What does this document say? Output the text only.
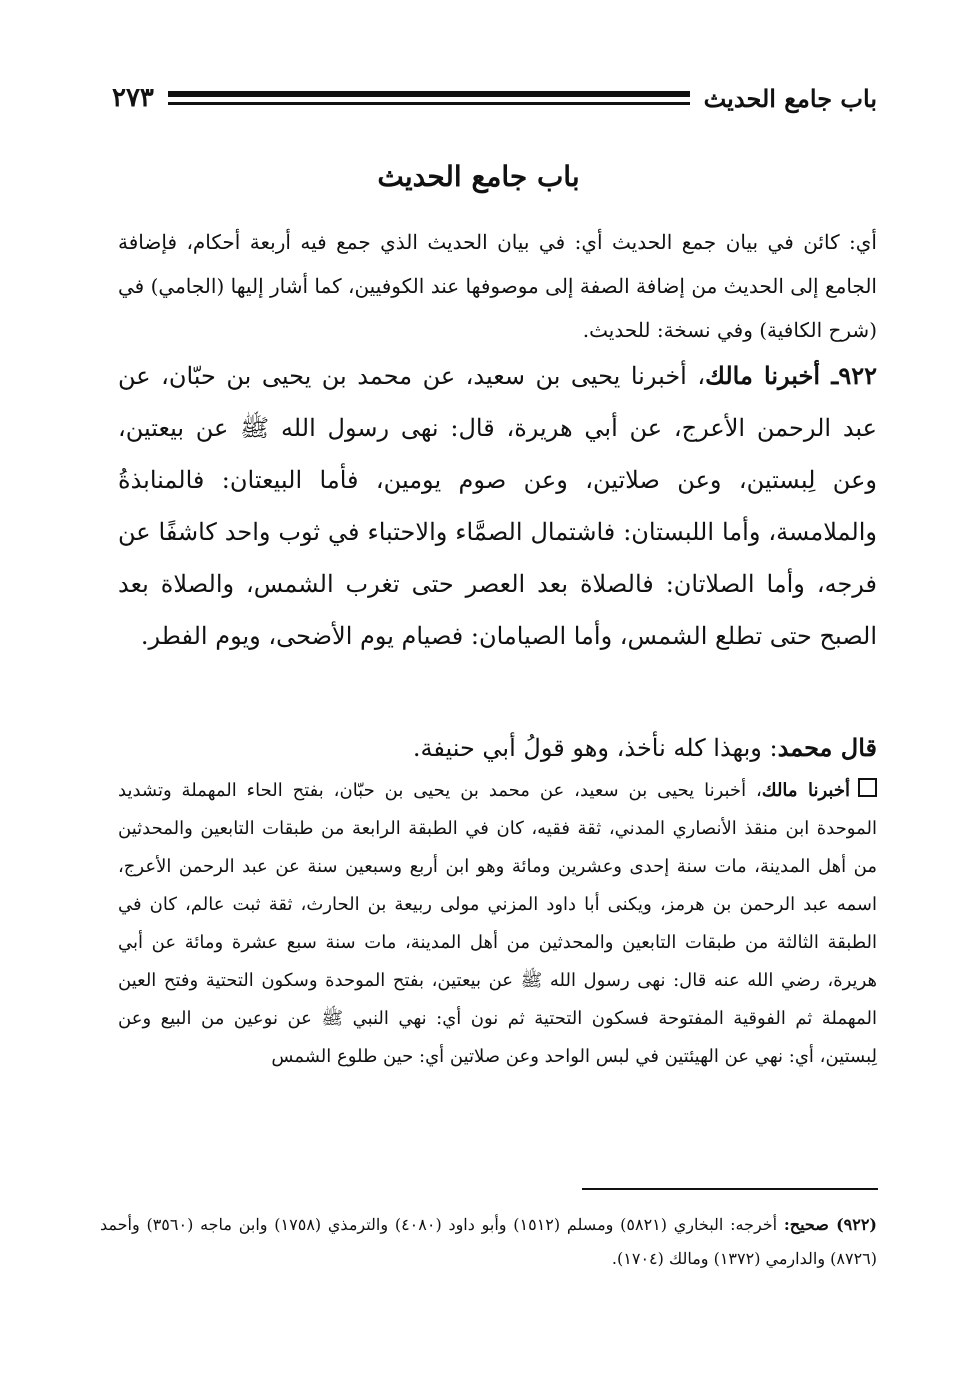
باب جامع الحديث
٢٧٣
باب جامع الحديث

أي: كائن في بيان جمع الحديث أي: في بيان الحديث الذي جمع فيه أربعة أحكام، فإضافة الجامع إلى الحديث من إضافة الصفة إلى موصوفها عند الكوفيين، كما أشار إليها (الجامي) في (شرح الكافية) وفي نسخة: للحديث.

٩٢٢ـ أخبرنا مالك، أخبرنا يحيى بن سعيد، عن محمد بن يحيى بن حبّان، عن عبد الرحمن الأعرج، عن أبي هريرة، قال: نهى رسول الله ﷺ عن بيعتين، وعن لِبستين، وعن صلاتين، وعن صوم يومين، فأما البيعتان: فالمنابذةُ والملامسة، وأما اللبستان: فاشتمال الصمَّاء والاحتباء في ثوب واحد كاشفًا عن فرجه، وأما الصلاتان: فالصلاة بعد العصر حتى تغرب الشمس، والصلاة بعد الصبح حتى تطلع الشمس، وأما الصيامان: فصيام يوم الأضحى، ويوم الفطر.

قال محمد: وبهذا كله نأخذ، وهو قولُ أبي حنيفة.

أخبرنا مالك، أخبرنا يحيى بن سعيد، عن محمد بن يحيى بن حبّان، بفتح الحاء المهملة وتشديد الموحدة ابن منقذ الأنصاري المدني، ثقة فقيه، كان في الطبقة الرابعة من طبقات التابعين والمحدثين من أهل المدينة، مات سنة إحدى وعشرين ومائة وهو ابن أربع وسبعين سنة عن عبد الرحمن الأعرج، اسمه عبد الرحمن بن هرمز، ويكنى أبا داود المزني مولى ربيعة بن الحارث، ثقة ثبت عالم، كان في الطبقة الثالثة من طبقات التابعين والمحدثين من أهل المدينة، مات سنة سبع عشرة ومائة عن أبي هريرة، رضي الله عنه قال: نهى رسول الله ﷺ عن بيعتين، بفتح الموحدة وسكون التحتية وفتح العين المهملة ثم الفوقية المفتوحة فسكون التحتية ثم نون أي: نهي النبي ﷺ عن نوعين من البيع وعن لِبستين، أي: نهي عن الهيئتين في لبس الواحد وعن صلاتين أي: حين طلوع الشمس

(٩٢٢) صحيح: أخرجه: البخاري (٥٨٢١) ومسلم (١٥١٢) وأبو داود (٤٠٨٠) والترمذي (١٧٥٨) وابن ماجه (٣٥٦٠) وأحمد (٨٧٢٦) والدارمي (١٣٧٢) ومالك (١٧٠٤).
